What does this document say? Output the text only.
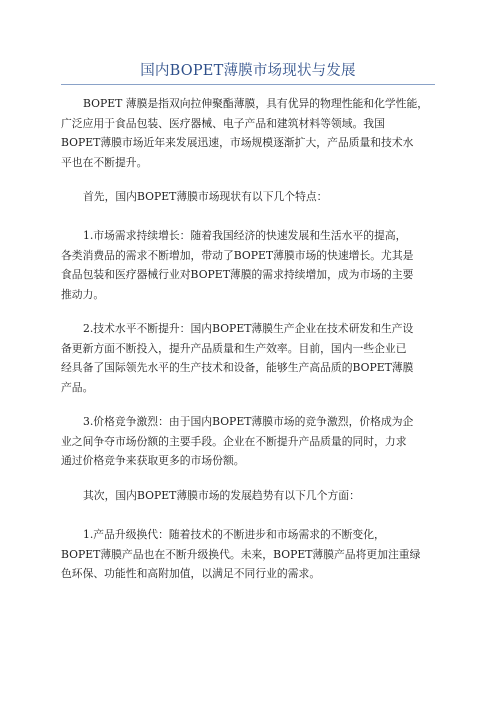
国内BOPET薄膜市场现状与发展
BOPET 薄膜是指双向拉伸聚酯薄膜，具有优异的物理性能和化学性能，
广泛应用于食品包装、医疗器械、电子产品和建筑材料等领域。我国
BOPET薄膜市场近年来发展迅速，市场规模逐渐扩大，产品质量和技术水
平也在不断提升。
首先，国内BOPET薄膜市场现状有以下几个特点：
1.市场需求持续增长：随着我国经济的快速发展和生活水平的提高，
各类消费品的需求不断增加，带动了BOPET薄膜市场的快速增长。尤其是
食品包装和医疗器械行业对BOPET薄膜的需求持续增加，成为市场的主要
推动力。
2.技术水平不断提升：国内BOPET薄膜生产企业在技术研发和生产设
备更新方面不断投入，提升产品质量和生产效率。目前，国内一些企业已
经具备了国际领先水平的生产技术和设备，能够生产高品质的BOPET薄膜
产品。
3.价格竞争激烈：由于国内BOPET薄膜市场的竞争激烈，价格成为企
业之间争夺市场份额的主要手段。企业在不断提升产品质量的同时，力求
通过价格竞争来获取更多的市场份额。
其次，国内BOPET薄膜市场的发展趋势有以下几个方面：
1.产品升级换代：随着技术的不断进步和市场需求的不断变化，
BOPET薄膜产品也在不断升级换代。未来，BOPET薄膜产品将更加注重绿
色环保、功能性和高附加值，以满足不同行业的需求。
